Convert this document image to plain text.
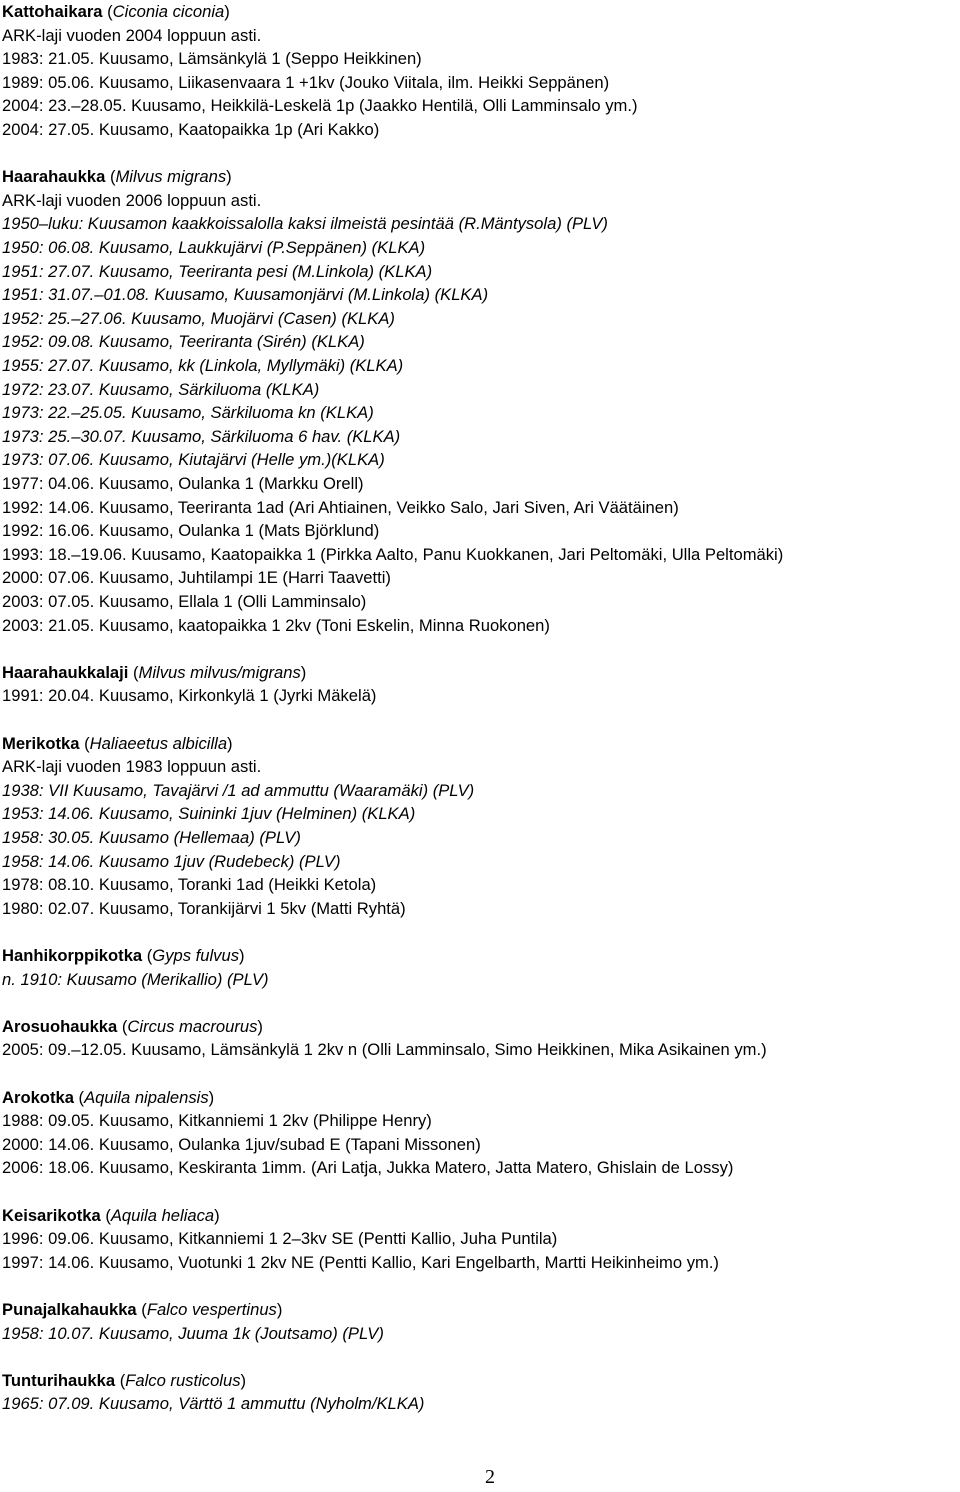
Kattohaikara (Ciconia ciconia)
ARK-laji vuoden 2004 loppuun asti.
1983: 21.05. Kuusamo, Lämsänkylä 1 (Seppo Heikkinen)
1989: 05.06. Kuusamo, Liikasenvaara 1 +1kv (Jouko Viitala, ilm. Heikki Seppänen)
2004: 23.–28.05. Kuusamo, Heikkilä-Leskelä 1p (Jaakko Hentilä, Olli Lamminsalo ym.)
2004: 27.05. Kuusamo, Kaatopaikka 1p (Ari Kakko)
Haarahaukka (Milvus migrans)
ARK-laji vuoden 2006 loppuun asti.
1950–luku: Kuusamon kaakkoissalolla kaksi ilmeistä pesintää (R.Mäntysola) (PLV)
1950: 06.08. Kuusamo, Laukkujärvi (P.Seppänen) (KLKA)
1951: 27.07. Kuusamo, Teeriranta pesi (M.Linkola) (KLKA)
1951: 31.07.–01.08. Kuusamo, Kuusamonjärvi (M.Linkola) (KLKA)
1952: 25.–27.06. Kuusamo, Muojärvi (Casen) (KLKA)
1952: 09.08. Kuusamo, Teeriranta (Sirén) (KLKA)
1955: 27.07. Kuusamo, kk (Linkola, Myllymäki) (KLKA)
1972: 23.07. Kuusamo, Särkiluoma (KLKA)
1973: 22.–25.05. Kuusamo, Särkiluoma kn (KLKA)
1973: 25.–30.07. Kuusamo, Särkiluoma 6 hav. (KLKA)
1973: 07.06. Kuusamo, Kiutajärvi (Helle ym.)(KLKA)
1977: 04.06. Kuusamo, Oulanka 1 (Markku Orell)
1992: 14.06. Kuusamo, Teeriranta 1ad (Ari Ahtiainen, Veikko Salo, Jari Siven, Ari Väätäinen)
1992: 16.06. Kuusamo, Oulanka 1 (Mats Björklund)
1993: 18.–19.06. Kuusamo, Kaatopaikka 1 (Pirkka Aalto, Panu Kuokkanen, Jari Peltomäki, Ulla Peltomäki)
2000: 07.06. Kuusamo, Juhtilampi 1E (Harri Taavetti)
2003: 07.05. Kuusamo, Ellala 1 (Olli Lamminsalo)
2003: 21.05. Kuusamo, kaatopaikka 1 2kv (Toni Eskelin, Minna Ruokonen)
Haarahaukkalaji (Milvus milvus/migrans)
1991: 20.04. Kuusamo, Kirkonkylä 1 (Jyrki Mäkelä)
Merikotka (Haliaeetus albicilla)
ARK-laji vuoden 1983 loppuun asti.
1938: VII Kuusamo, Tavajärvi /1 ad ammuttu (Waaramäki) (PLV)
1953: 14.06. Kuusamo, Suininki 1juv (Helminen) (KLKA)
1958: 30.05. Kuusamo (Hellemaa) (PLV)
1958: 14.06. Kuusamo 1juv (Rudebeck) (PLV)
1978: 08.10. Kuusamo, Toranki 1ad (Heikki Ketola)
1980: 02.07. Kuusamo, Torankijärvi 1 5kv (Matti Ryhtä)
Hanhikorppikotka (Gyps fulvus)
n. 1910: Kuusamo (Merikallio) (PLV)
Arosuohaukka (Circus macrourus)
2005: 09.–12.05. Kuusamo, Lämsänkylä 1 2kv n (Olli Lamminsalo, Simo Heikkinen, Mika Asikainen ym.)
Arokotka (Aquila nipalensis)
1988: 09.05. Kuusamo, Kitkanniemi 1 2kv (Philippe Henry)
2000: 14.06. Kuusamo, Oulanka 1juv/subad E (Tapani Missonen)
2006: 18.06. Kuusamo, Keskiranta 1imm. (Ari Latja, Jukka Matero, Jatta Matero, Ghislain de Lossy)
Keisarikotka (Aquila heliaca)
1996: 09.06. Kuusamo, Kitkanniemi 1 2–3kv SE (Pentti Kallio, Juha Puntila)
1997: 14.06. Kuusamo, Vuotunki 1 2kv NE (Pentti Kallio, Kari Engelbarth, Martti Heikinheimo ym.)
Punajalkahaukka (Falco vespertinus)
1958: 10.07. Kuusamo, Juuma 1k (Joutsamo) (PLV)
Tunturihaukka (Falco rusticolus)
1965: 07.09. Kuusamo, Värttö 1 ammuttu (Nyholm/KLKA)
2
